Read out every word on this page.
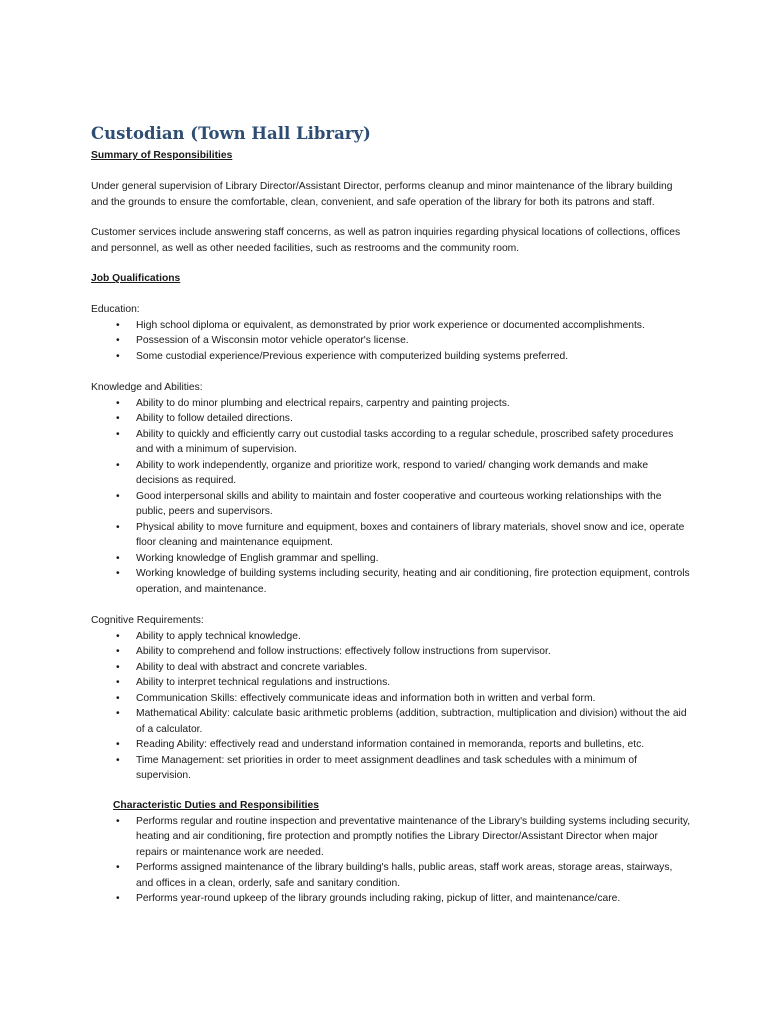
Custodian (Town Hall Library)

Summary of Responsibilities

Under general supervision of Library Director/Assistant Director, performs cleanup and minor maintenance of the library building and the grounds to ensure the comfortable, clean, convenient, and safe operation of the library for both its patrons and staff.

Customer services include answering staff concerns, as well as patron inquiries regarding physical locations of collections, offices and personnel, as well as other needed facilities, such as restrooms and the community room.

Job Qualifications

Education:

• High school diploma or equivalent, as demonstrated by prior work experience or documented accomplishments.
• Possession of a Wisconsin motor vehicle operator's license.
• Some custodial experience/Previous experience with computerized building systems preferred.

Knowledge and Abilities:

• Ability to do minor plumbing and electrical repairs, carpentry and painting projects.
• Ability to follow detailed directions.
• Ability to quickly and efficiently carry out custodial tasks according to a regular schedule, proscribed safety procedures and with a minimum of supervision.
• Ability to work independently, organize and prioritize work, respond to varied/ changing work demands and make decisions as required.
• Good interpersonal skills and ability to maintain and foster cooperative and courteous working relationships with the public, peers and supervisors.
• Physical ability to move furniture and equipment, boxes and containers of library materials, shovel snow and ice, operate floor cleaning and maintenance equipment.
• Working knowledge of English grammar and spelling.
• Working knowledge of building systems including security, heating and air conditioning, fire protection equipment, controls operation, and maintenance.

Cognitive Requirements:

• Ability to apply technical knowledge.
• Ability to comprehend and follow instructions: effectively follow instructions from supervisor.
• Ability to deal with abstract and concrete variables.
• Ability to interpret technical regulations and instructions.
• Communication Skills: effectively communicate ideas and information both in written and verbal form.
• Mathematical Ability: calculate basic arithmetic problems (addition, subtraction, multiplication and division) without the aid of a calculator.
• Reading Ability: effectively read and understand information contained in memoranda, reports and bulletins, etc.
• Time Management: set priorities in order to meet assignment deadlines and task schedules with a minimum of supervision.

Characteristic Duties and Responsibilities

• Performs regular and routine inspection and preventative maintenance of the Library's building systems including security, heating and air conditioning, fire protection and promptly notifies the Library Director/Assistant Director when major repairs or maintenance work are needed.
• Performs assigned maintenance of the library building's halls, public areas, staff work areas, storage areas, stairways, and offices in a clean, orderly, safe and sanitary condition.
• Performs year-round upkeep of the library grounds including raking, pickup of litter, and maintenance/care.
